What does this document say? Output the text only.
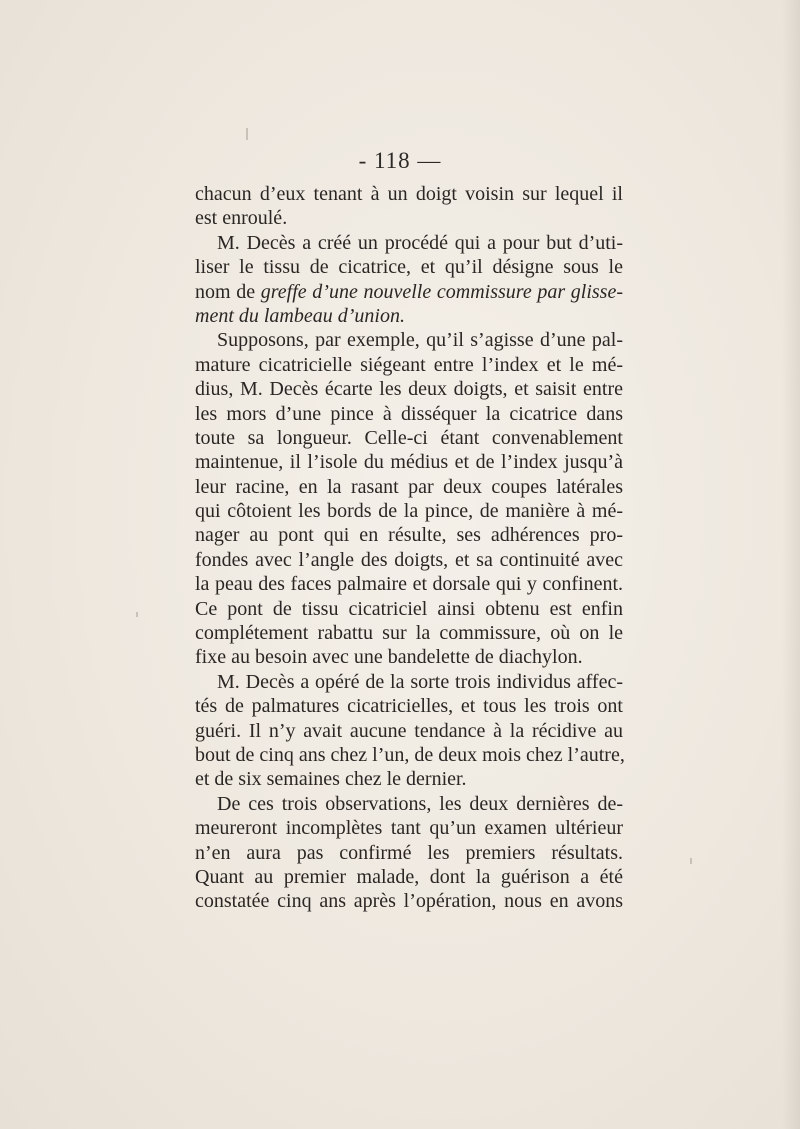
- 118 —
chacun d’eux tenant à un doigt voisin sur lequel il
est enroulé.
M. Decès a créé un procédé qui a pour but d’uti-
liser le tissu de cicatrice, et qu’il désigne sous le
nom de greffe d’une nouvelle commissure par glisse-
ment du lambeau d’union.
Supposons, par exemple, qu’il s’agisse d’une pal-
mature cicatricielle siégeant entre l’index et le mé-
dius, M. Decès écarte les deux doigts, et saisit entre
les mors d’une pince à disséquer la cicatrice dans
toute sa longueur. Celle-ci étant convenablement
maintenue, il l’isole du médius et de l’index jusqu’à
leur racine, en la rasant par deux coupes latérales
qui côtoient les bords de la pince, de manière à mé-
nager au pont qui en résulte, ses adhérences pro-
fondes avec l’angle des doigts, et sa continuité avec
la peau des faces palmaire et dorsale qui y confinent.
Ce pont de tissu cicatriciel ainsi obtenu est enfin
complétement rabattu sur la commissure, où on le
fixe au besoin avec une bandelette de diachylon.
M. Decès a opéré de la sorte trois individus affec-
tés de palmatures cicatricielles, et tous les trois ont
guéri. Il n’y avait aucune tendance à la récidive au
bout de cinq ans chez l’un, de deux mois chez l’autre,
et de six semaines chez le dernier.
De ces trois observations, les deux dernières de-
meureront incomplètes tant qu’un examen ultérieur
n’en aura pas confirmé les premiers résultats.
Quant au premier malade, dont la guérison a été
constatée cinq ans après l’opération, nous en avons
